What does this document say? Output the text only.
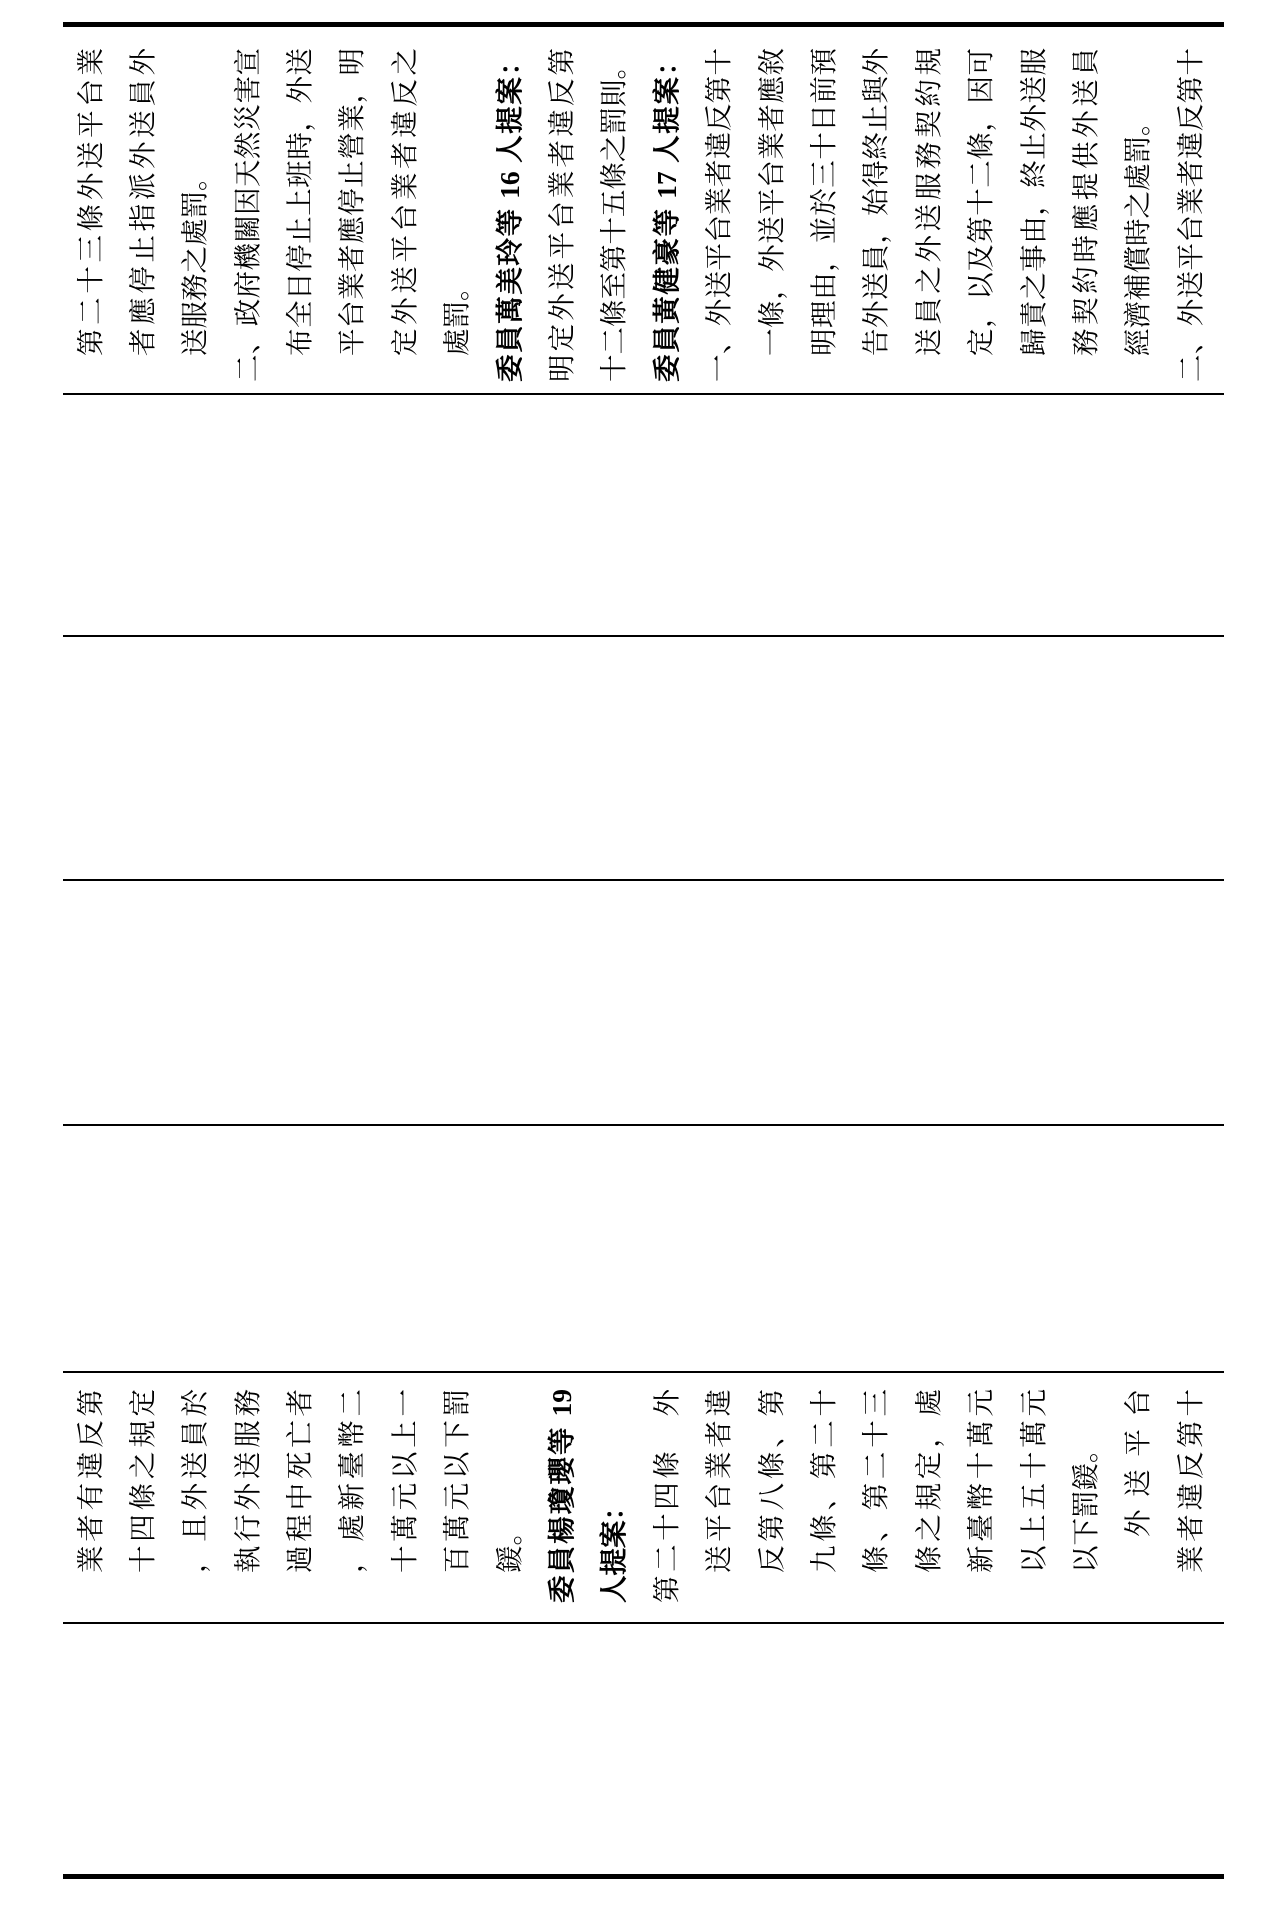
第二十三條外送平台業 者應停止指派外送員外 送服務之處罰。 二、政府機關因天然災害宣 布全日停止上班時，外送 平台業者應停止營業，明 定外送平台業者違反之 處罰。 委員萬美玲等 16 人提案： 明定外送平台業者違反第 十二條至第十五條之罰則。 委員黃健豪等 17 人提案： 一、外送平台業者違反第十 一條，外送平台業者應敘 明理由，並於三十日前預 告外送員，始得終止與外 送員之外送服務契約規 定，以及第十二條，因可 歸責之事由，終止外送服 務契約時應提供外送員 經濟補償時之處罰。 二、外送平台業者違反第十
業者有違反第 十四條之規定 ，且外送員於 執行外送服務 過程中死亡者 ，處新臺幣二 十萬元以上一 百萬元以下罰 鍰。 委員楊瓊瓔等 19 人提案： 第二十四條　外 送平台業者違 反第八條、第 九條、第二十 條、第二十三 條之規定，處 新臺幣十萬元 以上五十萬元 以下罰鍰。 外送平台 業者違反第十
